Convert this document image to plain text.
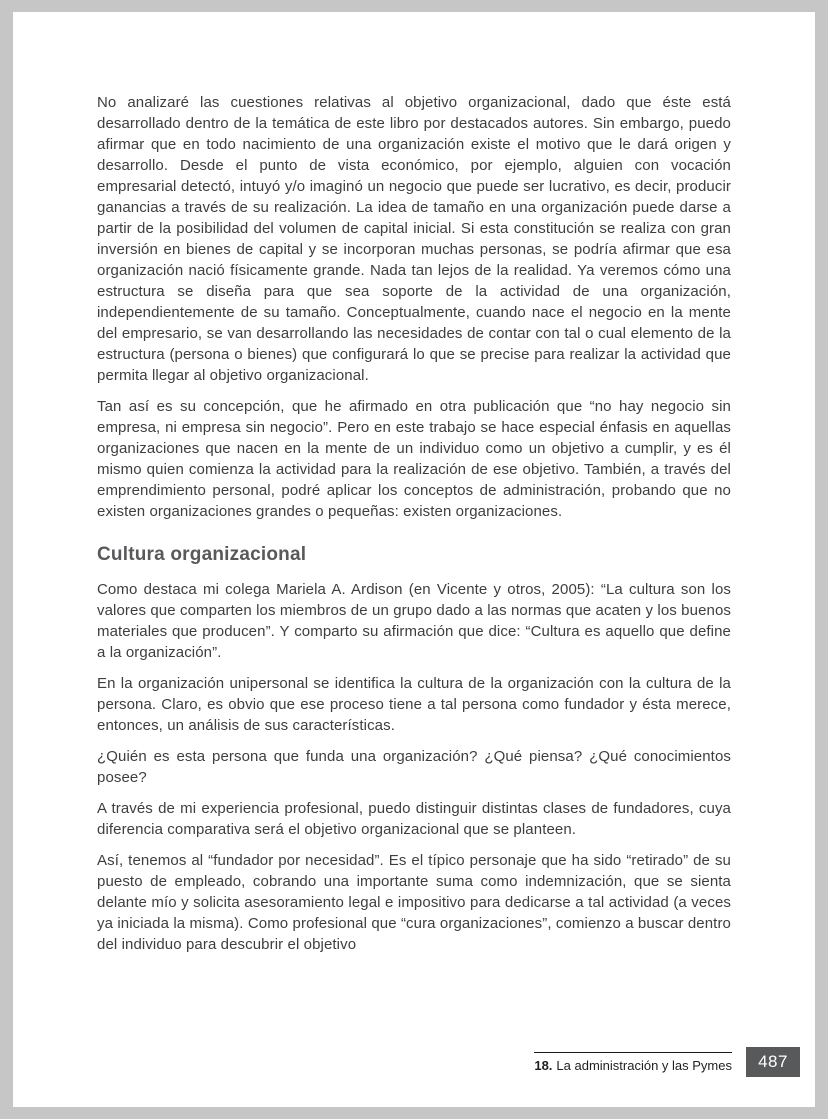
No analizaré las cuestiones relativas al objetivo organizacional, dado que éste está desarrollado dentro de la temática de este libro por destacados autores. Sin embargo, puedo afirmar que en todo nacimiento de una organización existe el motivo que le dará origen y desarrollo. Desde el punto de vista económico, por ejemplo, alguien con vocación empresarial detectó, intuyó y/o imaginó un negocio que puede ser lucrativo, es decir, producir ganancias a través de su realización. La idea de tamaño en una organización puede darse a partir de la posibilidad del volumen de capital inicial. Si esta constitución se realiza con gran inversión en bienes de capital y se incorporan muchas personas, se podría afirmar que esa organización nació físicamente grande. Nada tan lejos de la realidad. Ya veremos cómo una estructura se diseña para que sea soporte de la actividad de una organización, independientemente de su tamaño. Conceptualmente, cuando nace el negocio en la mente del empresario, se van desarrollando las necesidades de contar con tal o cual elemento de la estructura (persona o bienes) que configurará lo que se precise para realizar la actividad que permita llegar al objetivo organizacional.

Tan así es su concepción, que he afirmado en otra publicación que “no hay negocio sin empresa, ni empresa sin negocio”. Pero en este trabajo se hace especial énfasis en aquellas organizaciones que nacen en la mente de un individuo como un objetivo a cumplir, y es él mismo quien comienza la actividad para la realización de ese objetivo. También, a través del emprendimiento personal, podré aplicar los conceptos de administración, probando que no existen organizaciones grandes o pequeñas: existen organizaciones.

Cultura organizacional

Como destaca mi colega Mariela A. Ardison (en Vicente y otros, 2005): “La cultura son los valores que comparten los miembros de un grupo dado a las normas que acaten y los buenos materiales que producen”. Y comparto su afirmación que dice: “Cultura es aquello que define a la organización”.

En la organización unipersonal se identifica la cultura de la organización con la cultura de la persona. Claro, es obvio que ese proceso tiene a tal persona como fundador y ésta merece, entonces, un análisis de sus características.

¿Quién es esta persona que funda una organización? ¿Qué piensa? ¿Qué conocimientos posee?

A través de mi experiencia profesional, puedo distinguir distintas clases de fundadores, cuya diferencia comparativa será el objetivo organizacional que se planteen.

Así, tenemos al “fundador por necesidad”. Es el típico personaje que ha sido “retirado” de su puesto de empleado, cobrando una importante suma como indemnización, que se sienta delante mío y solicita asesoramiento legal e impositivo para dedicarse a tal actividad (a veces ya iniciada la misma). Como profesional que “cura organizaciones”, comienzo a buscar dentro del individuo para descubrir el objetivo

18. La administración y las Pymes 487
